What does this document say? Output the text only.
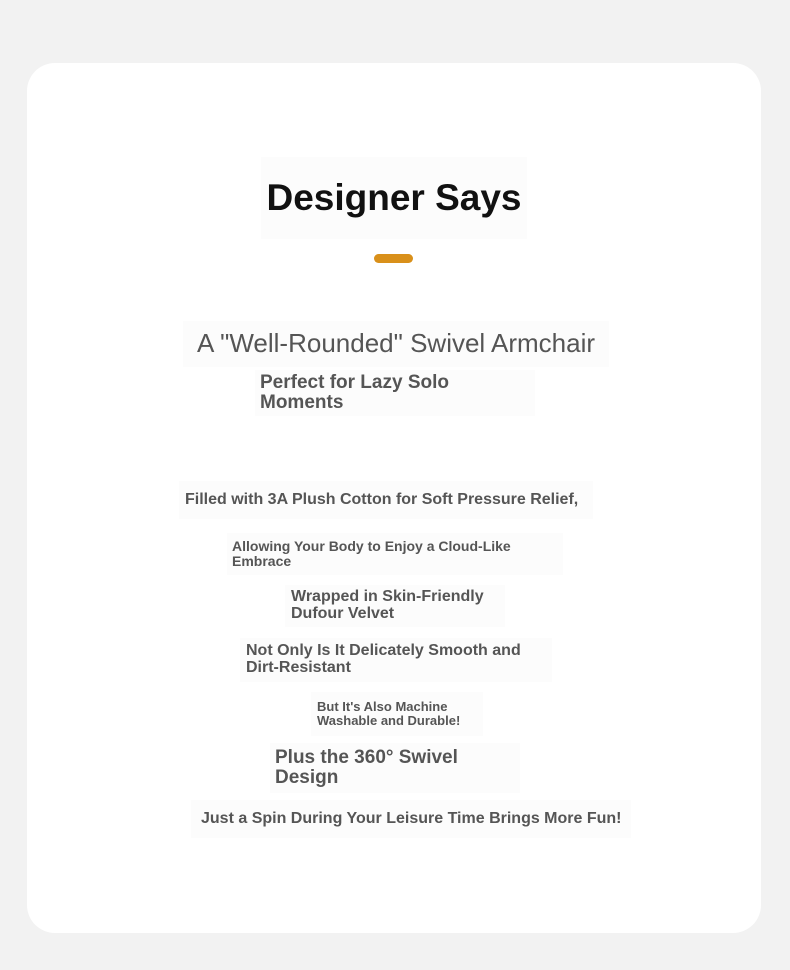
Designer Says
A "Well-Rounded" Swivel Armchair
Perfect for Lazy Solo Moments
Filled with 3A Plush Cotton for Soft Pressure Relief,
Allowing Your Body to Enjoy a Cloud-Like Embrace
Wrapped in Skin-Friendly Dufour Velvet
Not Only Is It Delicately Smooth and Dirt-Resistant
But It's Also Machine Washable and Durable!
Plus the 360° Swivel Design
Just a Spin During Your Leisure Time Brings More Fun!
